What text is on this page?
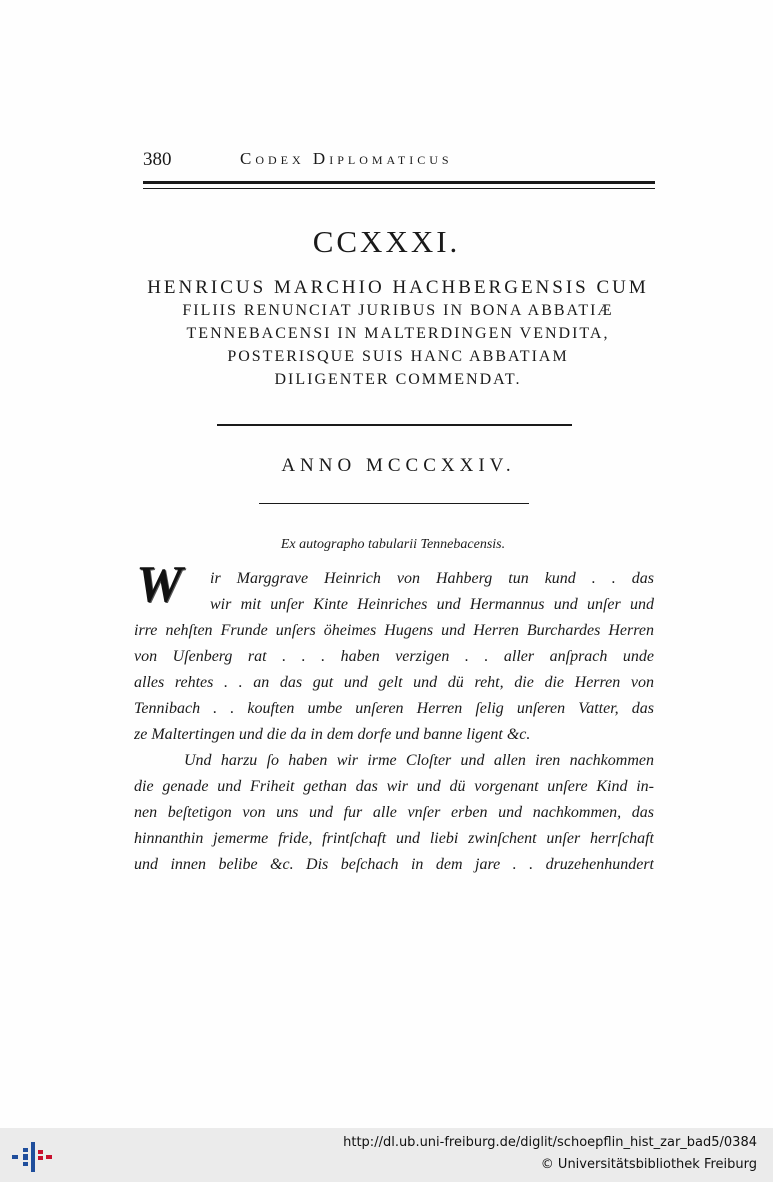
380	Codex Diplomaticus
CCXXXI.
HENRICUS MARCHIO HACHBERGENSIS CUM
FILIIS RENUNCIAT JURIBUS IN BONA ABBATIÆ
TENNEBACENSI IN MALTERDINGEN VENDITA,
POSTERISQUE SUIS HANC ABBATIAM
DILIGENTER COMMENDAT.
ANNO MCCCXXIV.
Ex autographo tabularii Tennebacensis.
W	ir Marggrave Heinrich von Hahberg tun kund . . das
wir mit unſer Kinte Heinriches und Hermannus und unſer und
irre nehſten Frunde unſers öheimes Hugens und Herren Burchardes Herren
von Uſenberg rat . . . haben verzigen . . aller anſprach unde
alles rehtes . . an das gut und gelt und dü reht, die die Herren von
Tennibach . . kouften umbe unſeren Herren ſelig unſeren Vatter, das
ze Maltertingen und die da in dem dorfe und banne ligent &c.
Und harzu ſo haben wir irme Cloſter und allen iren nachkommen
die genade und Friheit gethan das wir und dü vorgenant unſere Kind in-
nen beſtetigon von uns und fur alle vnſer erben und nachkommen, das
hinnanthin jemerme fride, frintſchaft und liebi zwinſchent unſer herrſchaft
und innen belibe &c. Dis beſchach in dem jare . . druzehenhundert
http://dl.ub.uni-freiburg.de/diglit/schoepflin_hist_zar_bad5/0384
© Universitätsbibliothek Freiburg
